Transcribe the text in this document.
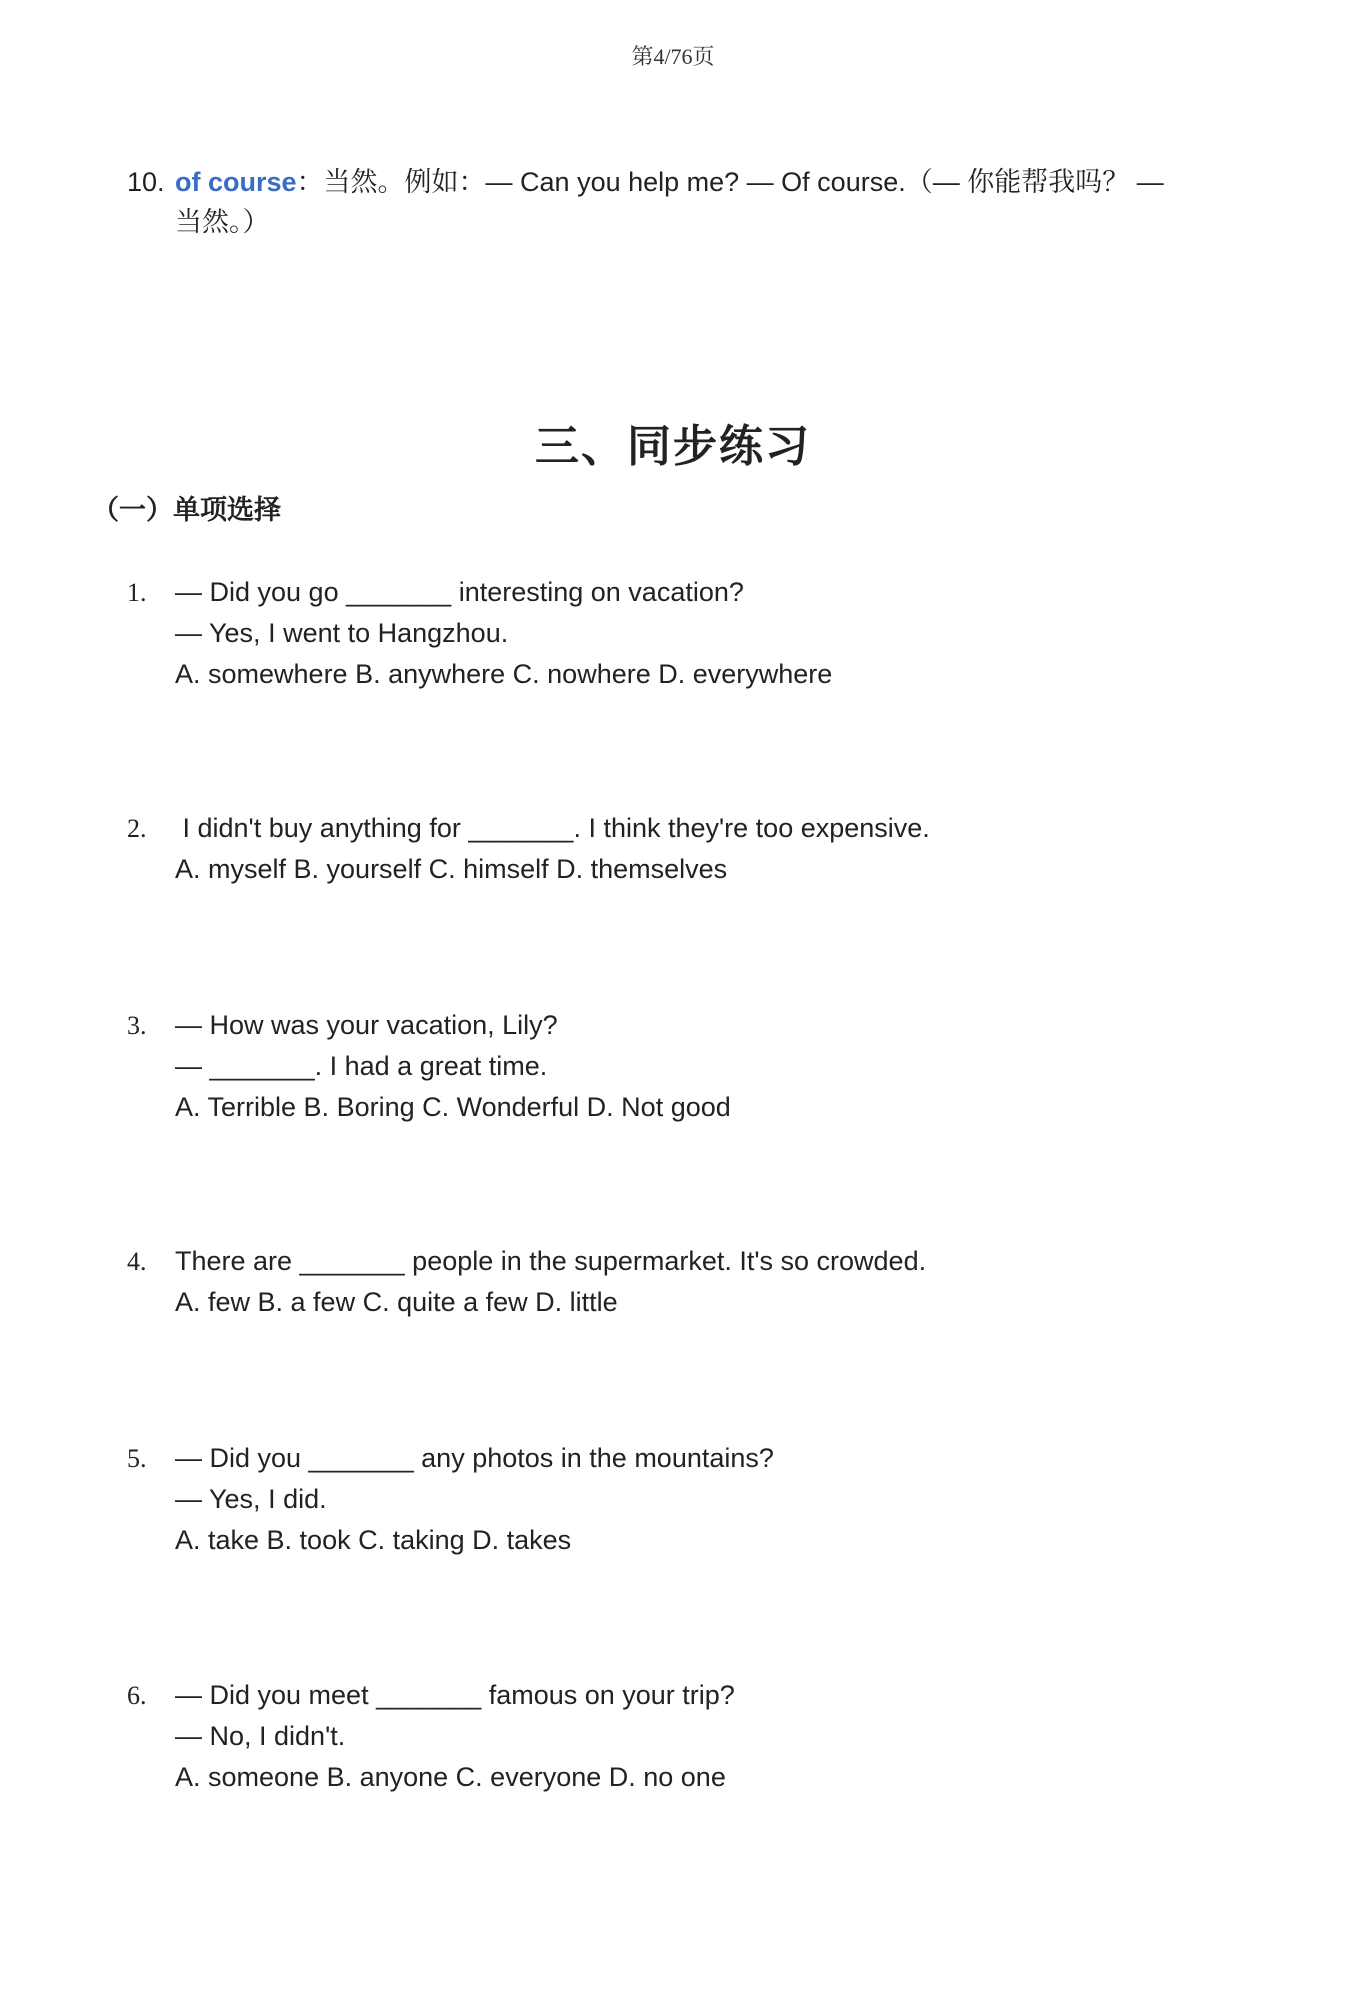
第4/76页
10. of course：当然。例如：— Can you help me? — Of course.（— 你能帮我吗？ —
当然。）
三、同步练习
（一）单项选择
1. — Did you go _______ interesting on vacation?
— Yes, I went to Hangzhou.
A. somewhere B. anywhere C. nowhere D. everywhere
2. I didn't buy anything for _______. I think they're too expensive.
A. myself B. yourself C. himself D. themselves
3. — How was your vacation, Lily?
— _______. I had a great time.
A. Terrible B. Boring C. Wonderful D. Not good
4. There are _______ people in the supermarket. It's so crowded.
A. few B. a few C. quite a few D. little
5. — Did you _______ any photos in the mountains?
— Yes, I did.
A. take B. took C. taking D. takes
6. — Did you meet _______ famous on your trip?
— No, I didn't.
A. someone B. anyone C. everyone D. no one
